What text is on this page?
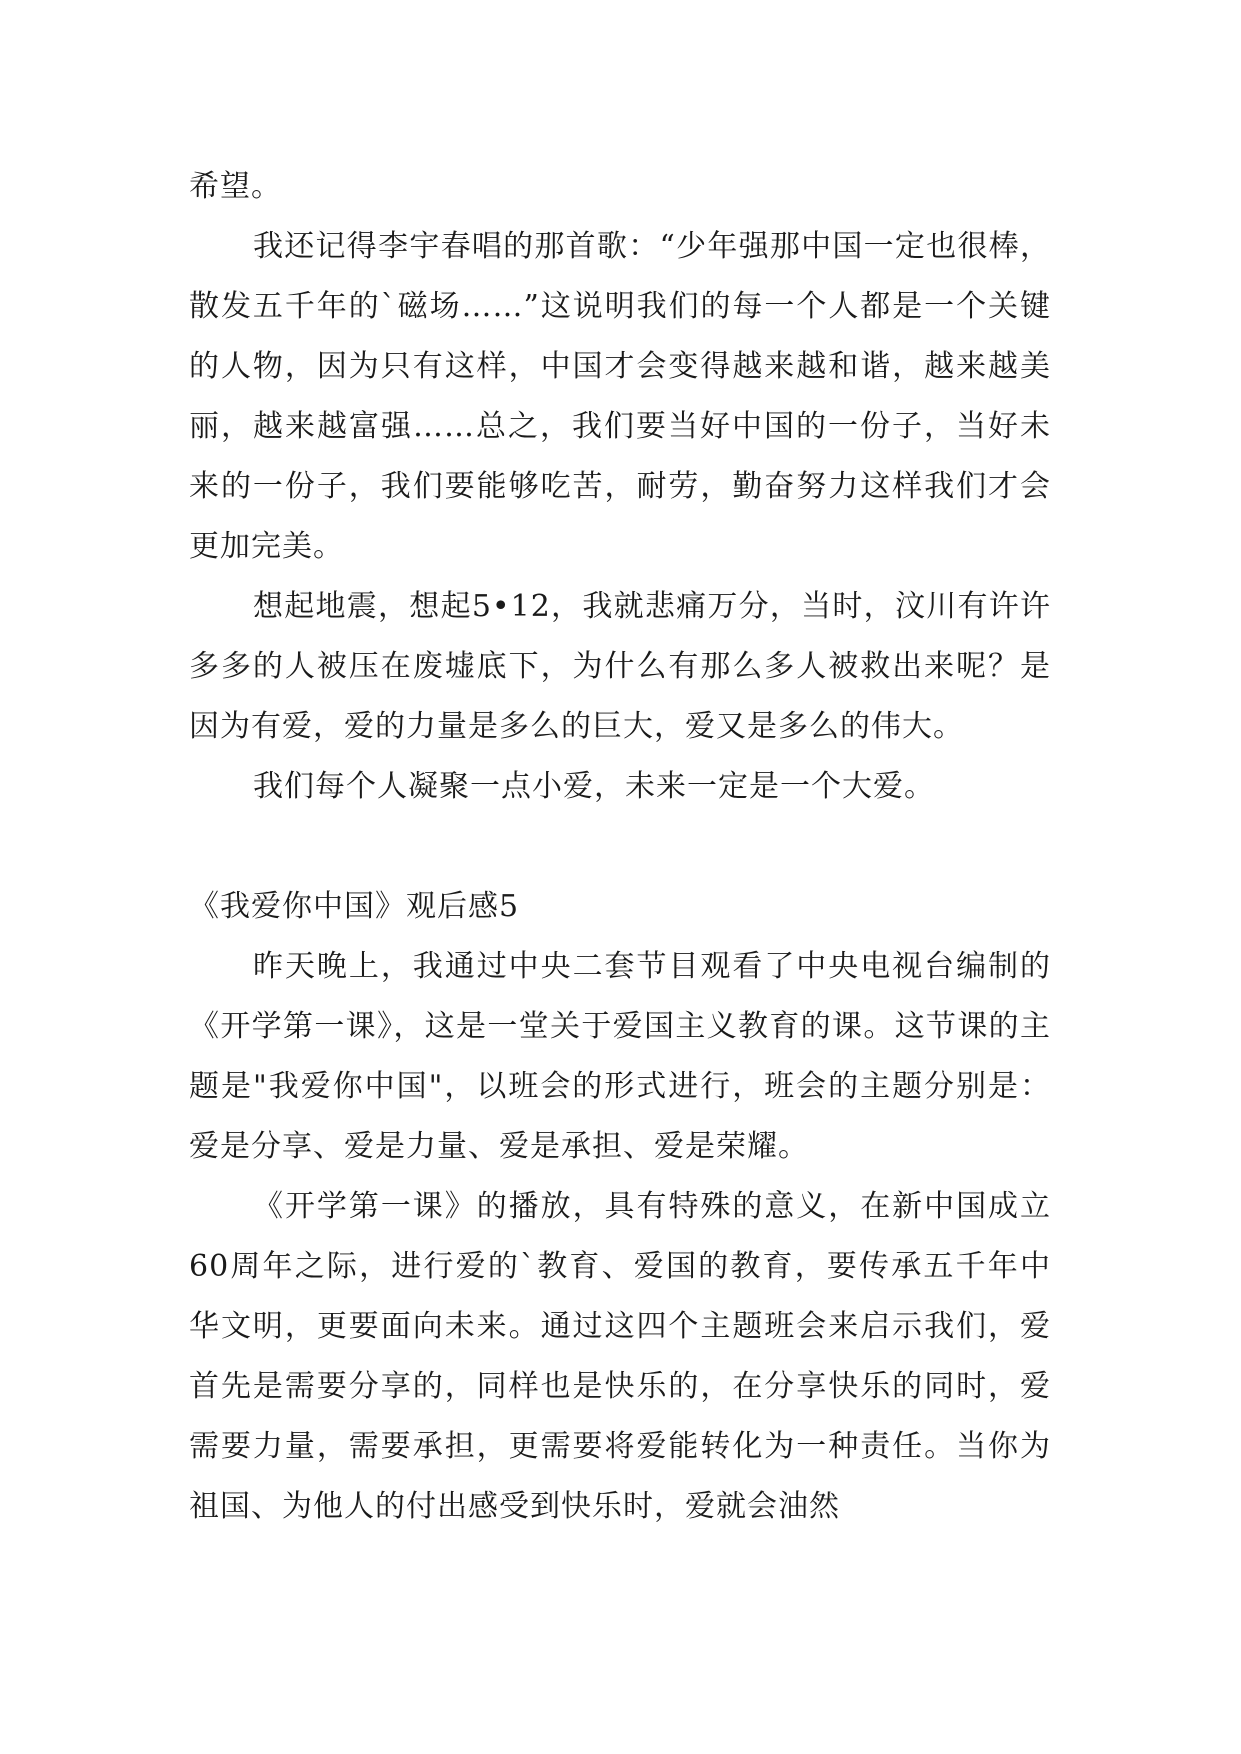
希望。

我还记得李宇春唱的那首歌：“少年强那中国一定也很棒，散发五千年的`磁场……”这说明我们的每一个人都是一个关键的人物，因为只有这样，中国才会变得越来越和谐，越来越美丽，越来越富强……总之，我们要当好中国的一份子，当好未来的一份子，我们要能够吃苦，耐劳，勤奋努力这样我们才会更加完美。

想起地震，想起5•12，我就悲痛万分，当时，汶川有许许多多的人被压在废墟底下，为什么有那么多人被救出来呢？是因为有爱，爱的力量是多么的巨大，爱又是多么的伟大。

我们每个人凝聚一点小爱，未来一定是一个大爱。

《我爱你中国》观后感5

昨天晚上，我通过中央二套节目观看了中央电视台编制的《开学第一课》，这是一堂关于爱国主义教育的课。这节课的主题是"我爱你中国"，以班会的形式进行，班会的主题分别是：爱是分享、爱是力量、爱是承担、爱是荣耀。

《开学第一课》的播放，具有特殊的意义，在新中国成立60周年之际，进行爱的`教育、爱国的教育，要传承五千年中华文明，更要面向未来。通过这四个主题班会来启示我们，爱首先是需要分享的，同样也是快乐的，在分享快乐的同时，爱需要力量，需要承担，更需要将爱能转化为一种责任。当你为祖国、为他人的付出感受到快乐时，爱就会油然
